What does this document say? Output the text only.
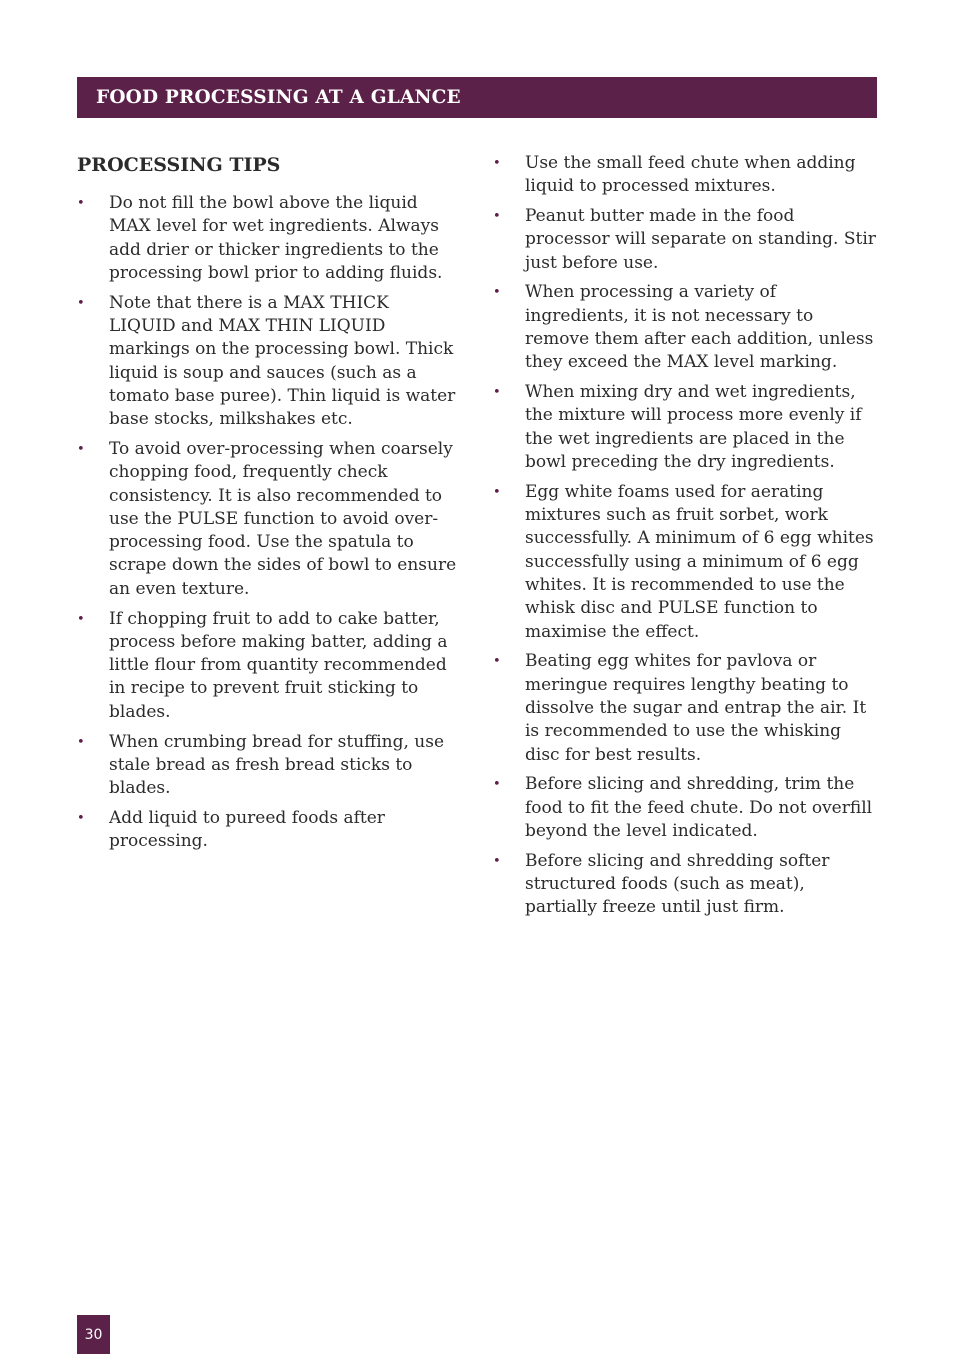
FOOD PROCESSING AT A GLANCE
PROCESSING TIPS
• Do not fill the bowl above the liquid MAX level for wet ingredients. Always add drier or thicker ingredients to the processing bowl prior to adding fluids.
• Note that there is a MAX THICK LIQUID and MAX THIN LIQUID markings on the processing bowl. Thick liquid is soup and sauces (such as a tomato base puree). Thin liquid is water base stocks, milkshakes etc.
• To avoid over-processing when coarsely chopping food, frequently check consistency. It is also recommended to use the PULSE function to avoid over-processing food. Use the spatula to scrape down the sides of bowl to ensure an even texture.
• If chopping fruit to add to cake batter, process before making batter, adding a little flour from quantity recommended in recipe to prevent fruit sticking to blades.
• When crumbing bread for stuffing, use stale bread as fresh bread sticks to blades.
• Add liquid to pureed foods after processing.
• Use the small feed chute when adding liquid to processed mixtures.
• Peanut butter made in the food processor will separate on standing. Stir just before use.
• When processing a variety of ingredients, it is not necessary to remove them after each addition, unless they exceed the MAX level marking.
• When mixing dry and wet ingredients, the mixture will process more evenly if the wet ingredients are placed in the bowl preceding the dry ingredients.
• Egg white foams used for aerating mixtures such as fruit sorbet, work successfully. A minimum of 6 egg whites successfully using a minimum of 6 egg whites. It is recommended to use the whisk disc and PULSE function to maximise the effect.
• Beating egg whites for pavlova or meringue requires lengthy beating to dissolve the sugar and entrap the air. It is recommended to use the whisking disc for best results.
• Before slicing and shredding, trim the food to fit the feed chute. Do not overfill beyond the level indicated.
• Before slicing and shredding softer structured foods (such as meat), partially freeze until just firm.
30
